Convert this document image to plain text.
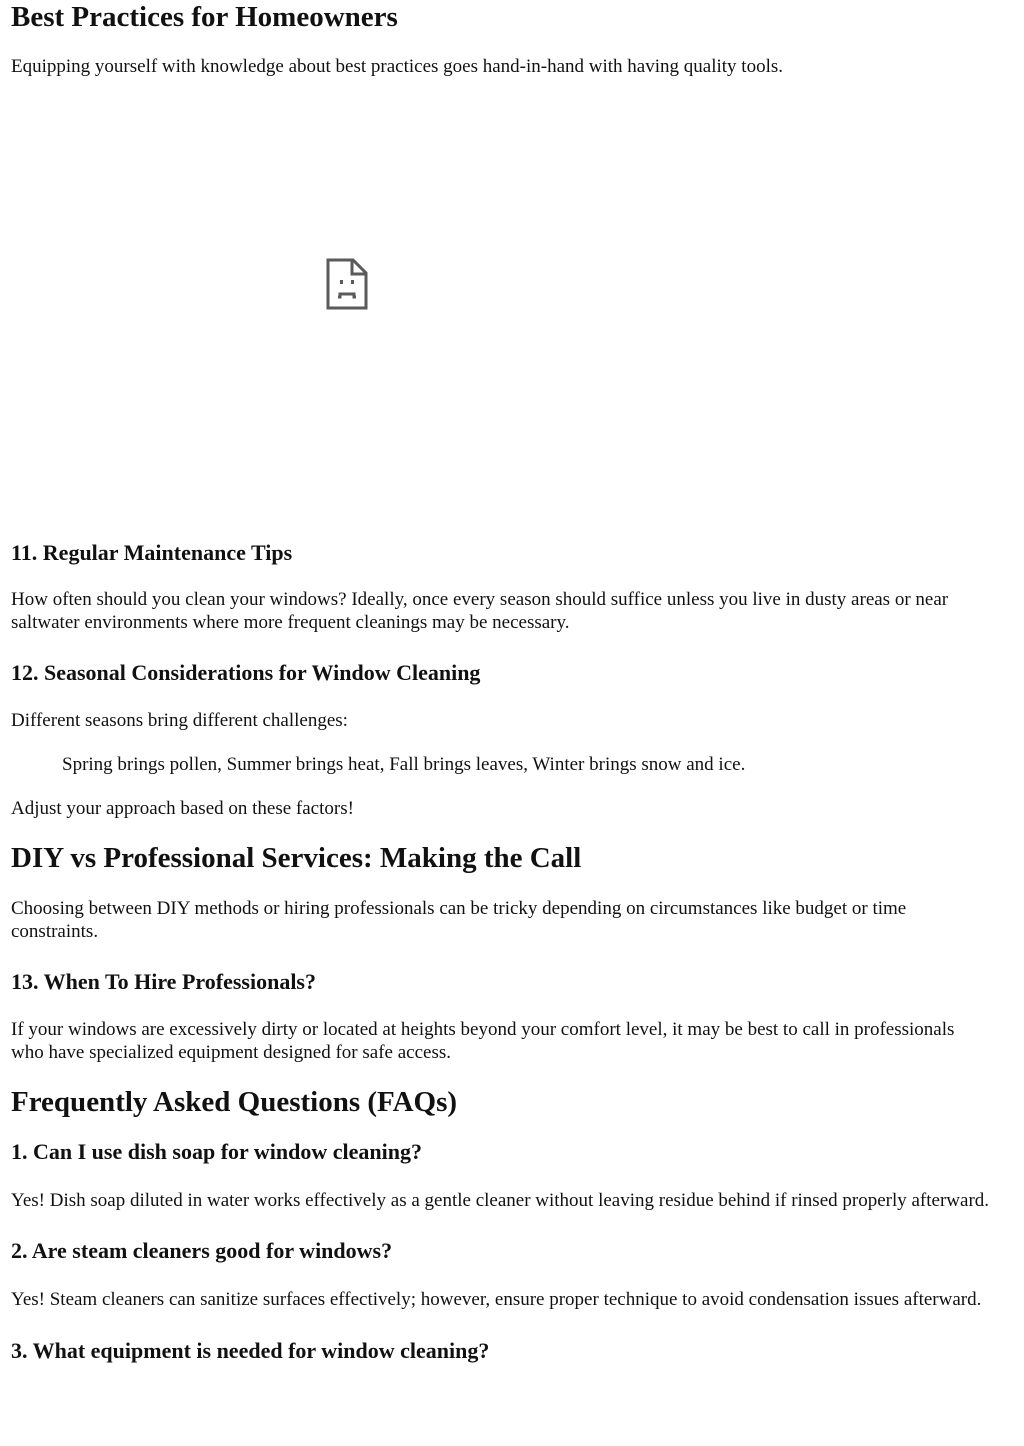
Best Practices for Homeowners

Equipping yourself with knowledge about best practices goes hand-in-hand with having quality tools.

11. Regular Maintenance Tips

How often should you clean your windows? Ideally, once every season should suffice unless you live in dusty areas or near saltwater environments where more frequent cleanings may be necessary.

12. Seasonal Considerations for Window Cleaning

Different seasons bring different challenges:

Spring brings pollen, Summer brings heat, Fall brings leaves, Winter brings snow and ice.

Adjust your approach based on these factors!

DIY vs Professional Services: Making the Call

Choosing between DIY methods or hiring professionals can be tricky depending on circumstances like budget or time constraints.

13. When To Hire Professionals?

If your windows are excessively dirty or located at heights beyond your comfort level, it may be best to call in professionals who have specialized equipment designed for safe access.

Frequently Asked Questions (FAQs)
1. Can I use dish soap for window cleaning?

Yes! Dish soap diluted in water works effectively as a gentle cleaner without leaving residue behind if rinsed properly afterward.

2. Are steam cleaners good for windows?

Yes! Steam cleaners can sanitize surfaces effectively; however, ensure proper technique to avoid condensation issues afterward.

3. What equipment is needed for window cleaning?
